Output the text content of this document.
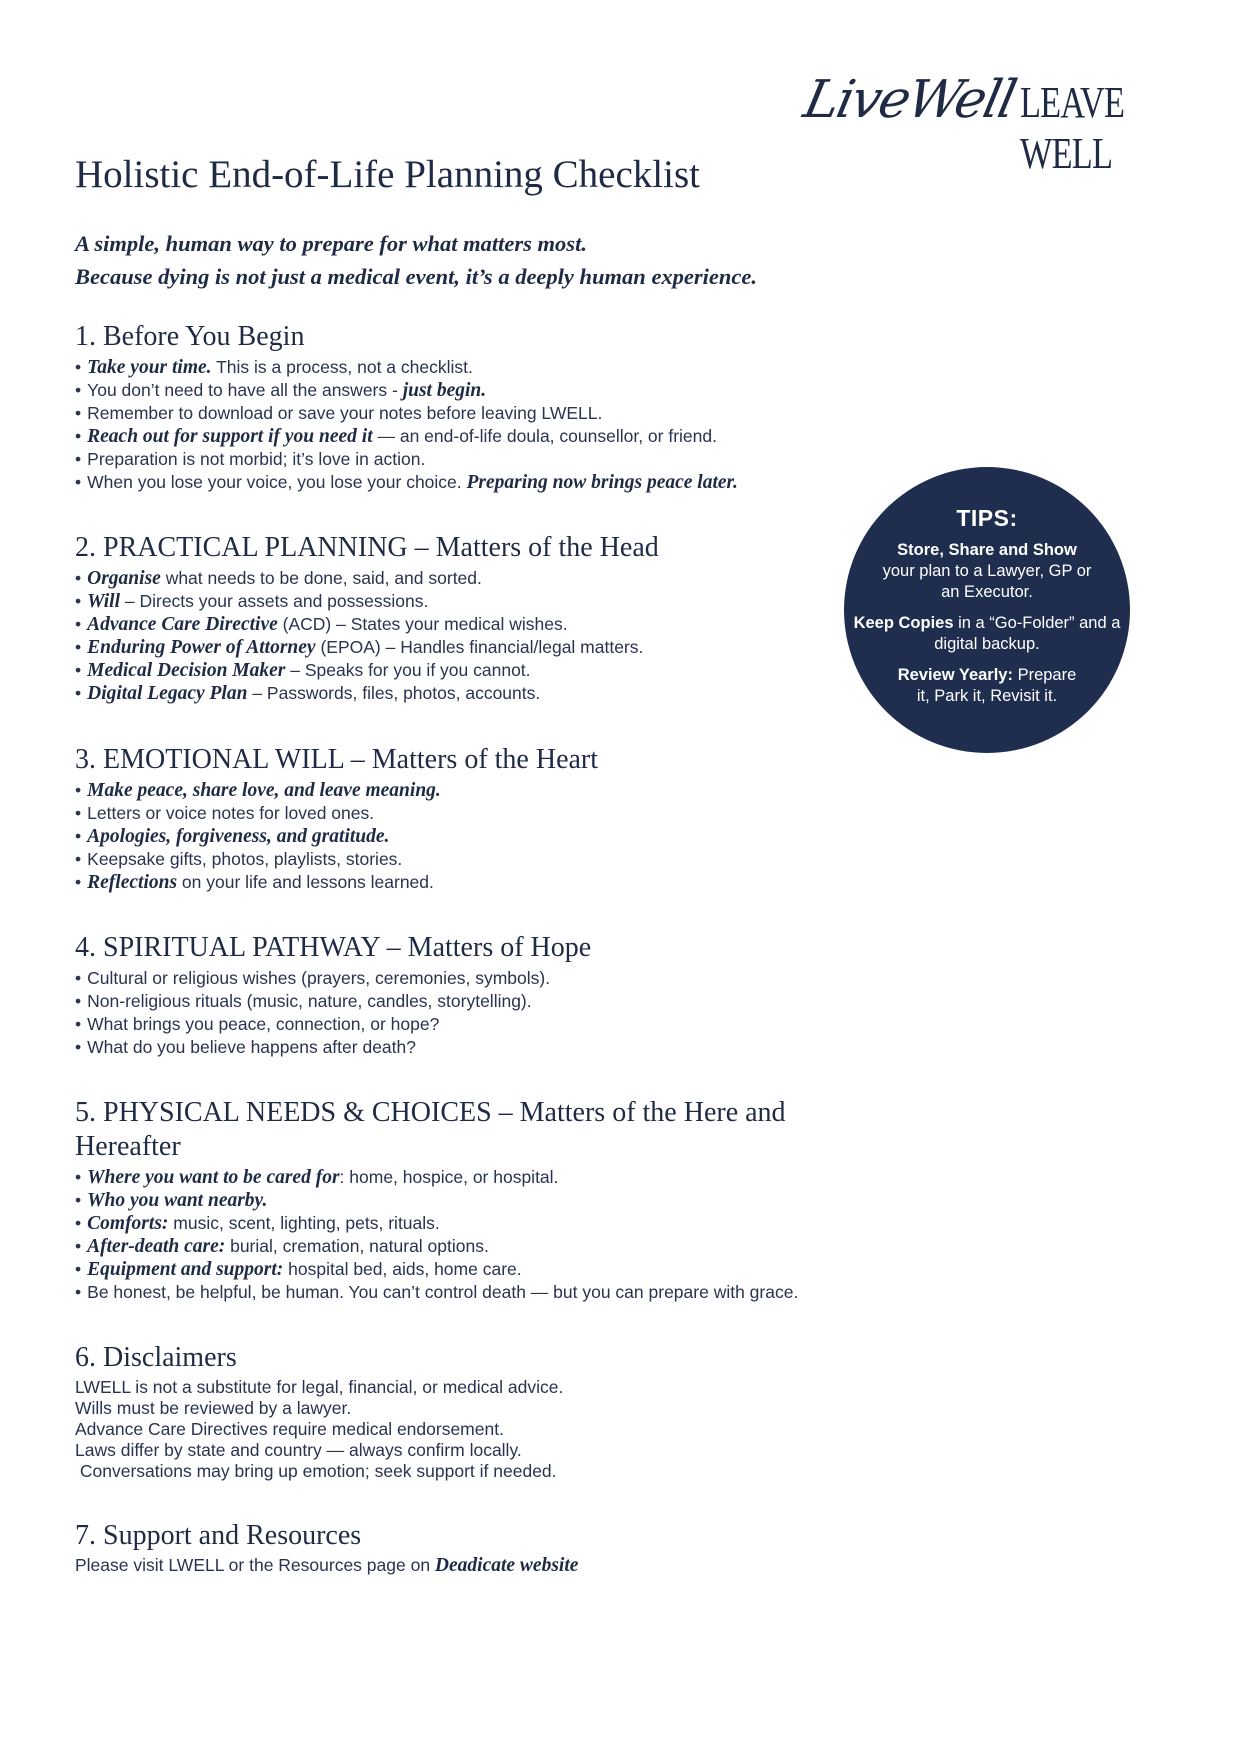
LiveWell LEAVE WELL
Holistic End-of-Life Planning Checklist
A simple, human way to prepare for what matters most.
Because dying is not just a medical event, it’s a deeply human experience.
1. Before You Begin
• Take your time. This is a process, not a checklist.
• You don’t need to have all the answers - just begin.
• Remember to download or save your notes before leaving LWELL.
• Reach out for support if you need it — an end-of-life doula, counsellor, or friend.
• Preparation is not morbid; it’s love in action.
• When you lose your voice, you lose your choice. Preparing now brings peace later.
2. PRACTICAL PLANNING – Matters of the Head
• Organise what needs to be done, said, and sorted.
• Will – Directs your assets and possessions.
• Advance Care Directive (ACD) – States your medical wishes.
• Enduring Power of Attorney (EPOA) – Handles financial/legal matters.
• Medical Decision Maker – Speaks for you if you cannot.
• Digital Legacy Plan – Passwords, files, photos, accounts.
3. EMOTIONAL WILL – Matters of the Heart
• Make peace, share love, and leave meaning.
• Letters or voice notes for loved ones.
• Apologies, forgiveness, and gratitude.
• Keepsake gifts, photos, playlists, stories.
• Reflections on your life and lessons learned.
4. SPIRITUAL PATHWAY – Matters of Hope
• Cultural or religious wishes (prayers, ceremonies, symbols).
• Non-religious rituals (music, nature, candles, storytelling).
• What brings you peace, connection, or hope?
• What do you believe happens after death?
5. PHYSICAL NEEDS & CHOICES – Matters of the Here and
Hereafter
• Where you want to be cared for: home, hospice, or hospital.
• Who you want nearby.
• Comforts: music, scent, lighting, pets, rituals.
• After-death care: burial, cremation, natural options.
• Equipment and support: hospital bed, aids, home care.
• Be honest, be helpful, be human. You can’t control death — but you can prepare with grace.
6. Disclaimers

LWELL is not a substitute for legal, financial, or medical advice.

Wills must be reviewed by a lawyer.

Advance Care Directives require medical endorsement.

Laws differ by state and country — always confirm locally.

Conversations may bring up emotion; seek support if needed.

7. Support and Resources

Please visit LWELL or the Resources page on Deadicate website

TIPS:

Store, Share and Show
your plan to a Lawyer, GP or an Executor.

Keep Copies in a “Go-Folder” and a digital backup.

Review Yearly: Prepare it, Park it, Revisit it.
